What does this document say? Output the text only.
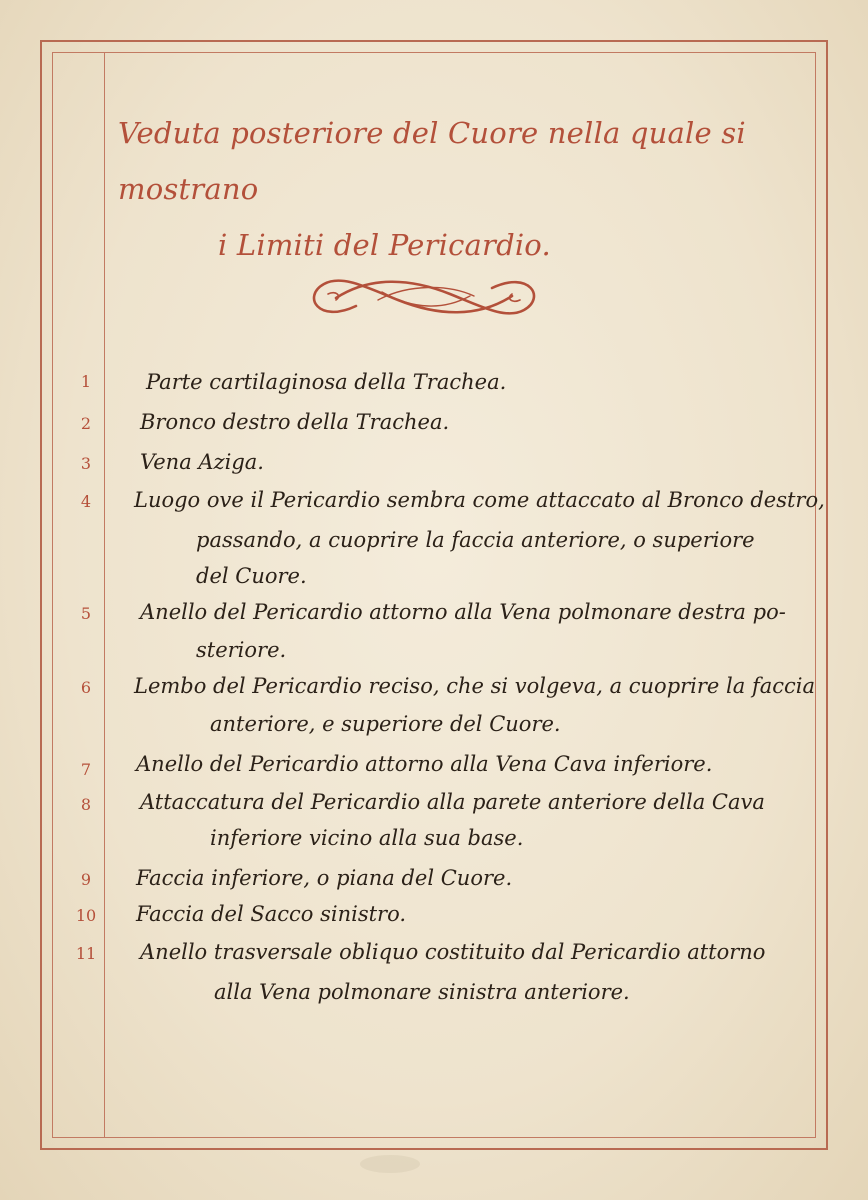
Veduta posteriore del Cuore nella quale si mostrano
i Limiti del Pericardio.
1	Parte cartilaginosa della Trachea.
2	Bronco destro della Trachea.
3	Vena Aziga.
4	Luogo ove il Pericardio sembra come attaccato al Bronco destro,
passando, a cuoprire la faccia anteriore, o superiore
del Cuore.
5	Anello del Pericardio attorno alla Vena polmonare destra po-
steriore.
6	Lembo del Pericardio reciso, che si volgeva, a cuoprire la faccia
anteriore, e superiore del Cuore.
7	Anello del Pericardio attorno alla Vena Cava inferiore.
8	Attaccatura del Pericardio alla parete anteriore della Cava
inferiore vicino alla sua base.
9	Faccia inferiore, o piana del Cuore.
10	Faccia del Sacco sinistro.
11	Anello trasversale obliquo costituito dal Pericardio attorno
alla Vena polmonare sinistra anteriore.
